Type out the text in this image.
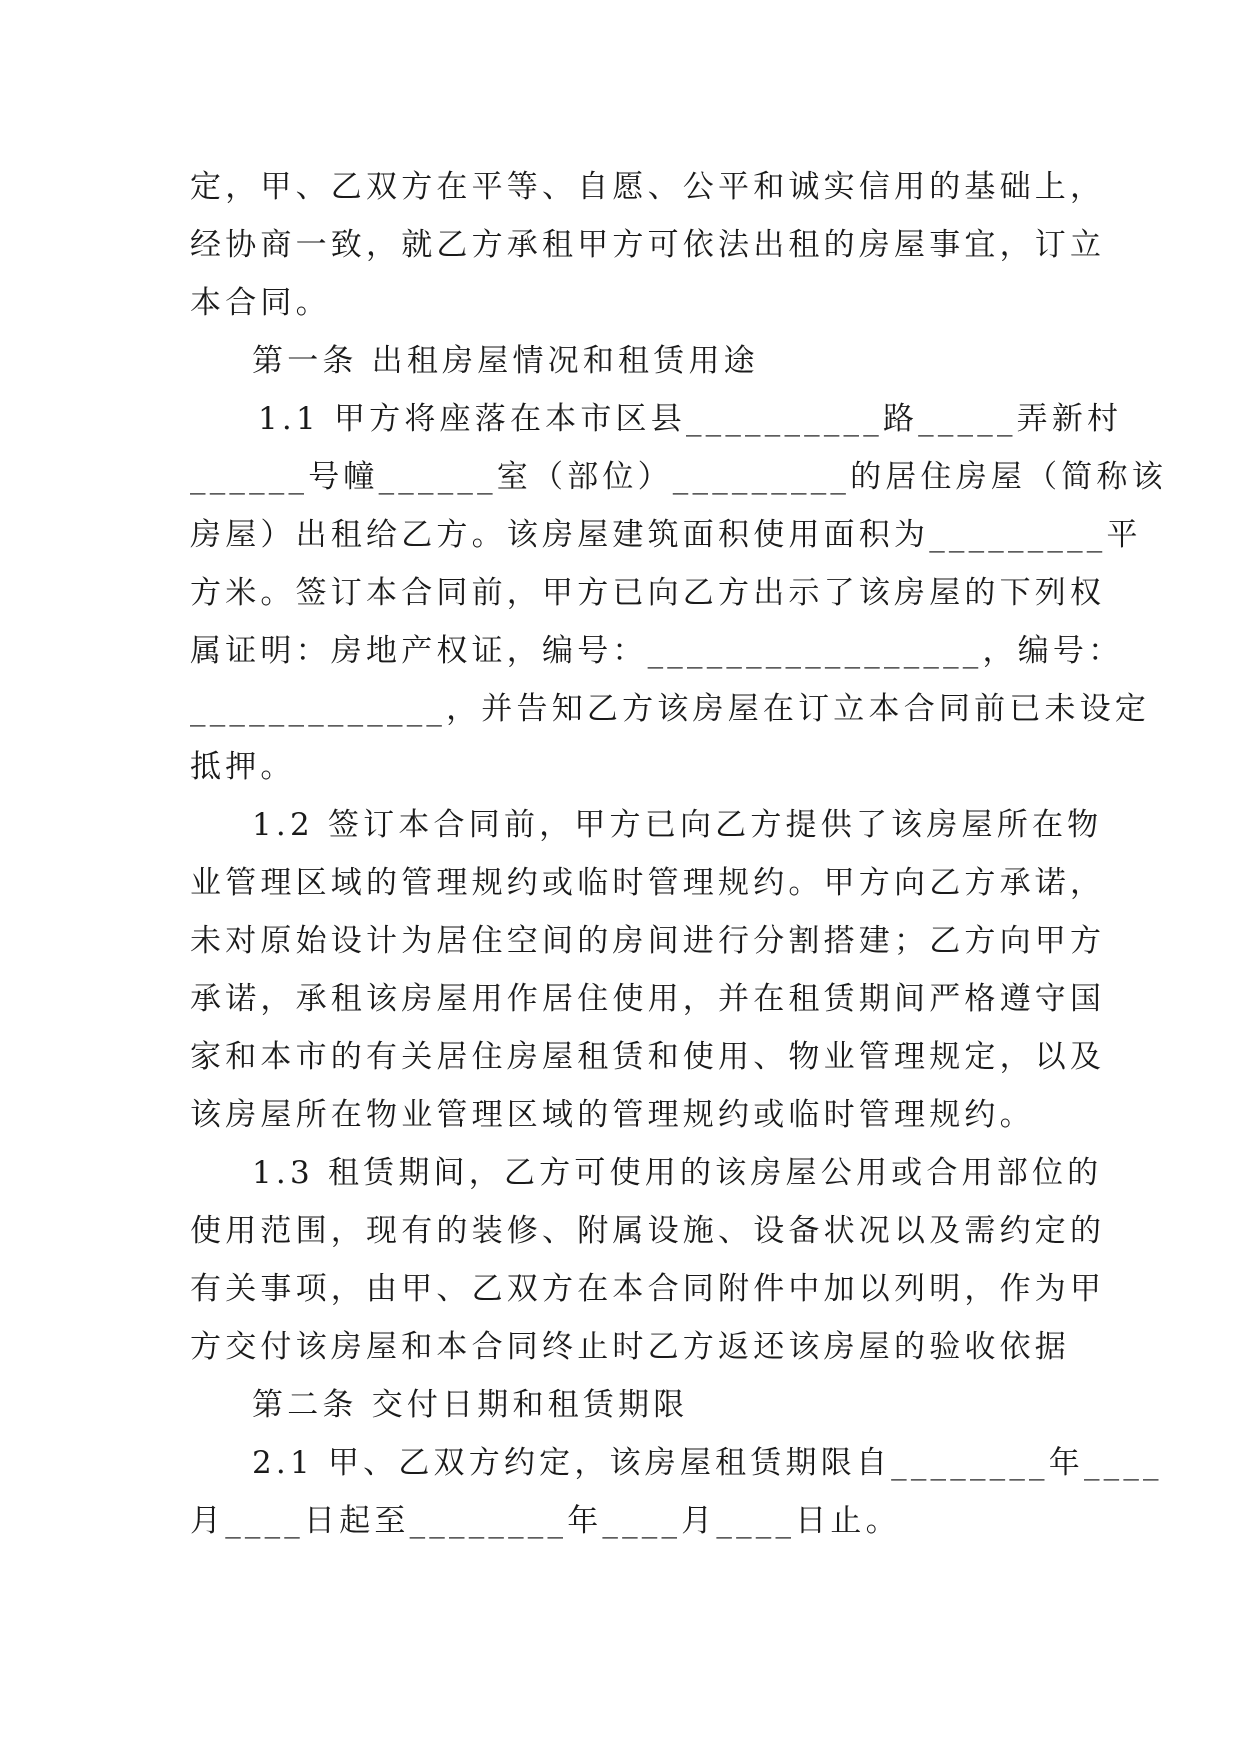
定，甲、乙双方在平等、自愿、公平和诚实信用的基础上，
经协商一致，就乙方承租甲方可依法出租的房屋事宜，订立
本合同。
第一条 出租房屋情况和租赁用途
1.1 甲方将座落在本市区县__________路_____弄新村
______号幢______室（部位）_________的居住房屋（简称该
房屋）出租给乙方。该房屋建筑面积使用面积为_________平
方米。签订本合同前，甲方已向乙方出示了该房屋的下列权
属证明：房地产权证，编号：_________________，编号：
_____________，并告知乙方该房屋在订立本合同前已未设定
抵押。
1.2 签订本合同前，甲方已向乙方提供了该房屋所在物
业管理区域的管理规约或临时管理规约。甲方向乙方承诺，
未对原始设计为居住空间的房间进行分割搭建；乙方向甲方
承诺，承租该房屋用作居住使用，并在租赁期间严格遵守国
家和本市的有关居住房屋租赁和使用、物业管理规定，以及
该房屋所在物业管理区域的管理规约或临时管理规约。
1.3 租赁期间，乙方可使用的该房屋公用或合用部位的
使用范围，现有的装修、附属设施、设备状况以及需约定的
有关事项，由甲、乙双方在本合同附件中加以列明，作为甲
方交付该房屋和本合同终止时乙方返还该房屋的验收依据
第二条 交付日期和租赁期限
2.1 甲、乙双方约定，该房屋租赁期限自________年____
月____日起至________年____月____日止。
